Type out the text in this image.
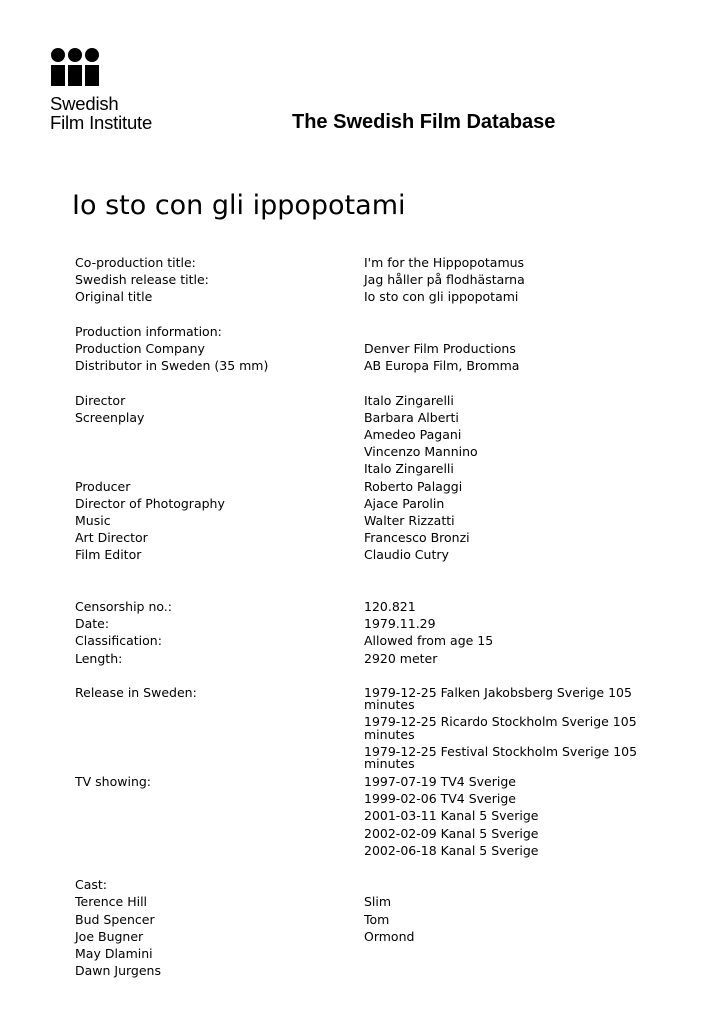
Swedish
Film Institute	The Swedish Film Database
Io sto con gli ippopotami
Co-production title:	I'm for the Hippopotamus
Swedish release title:	Jag håller på flodhästarna
Original title	Io sto con gli ippopotami
Production information:
Production Company	Denver Film Productions
Distributor in Sweden (35 mm)	AB Europa Film, Bromma
Director	Italo Zingarelli
Screenplay	Barbara Alberti
Amedeo Pagani
Vincenzo Mannino
Italo Zingarelli
Producer	Roberto Palaggi
Director of Photography	Ajace Parolin
Music	Walter Rizzatti
Art Director	Francesco Bronzi
Film Editor	Claudio Cutry
Censorship no.:	120.821
Date:	1979.11.29
Classification:	Allowed from age 15
Length:	2920 meter
Release in Sweden:	1979-12-25 Falken Jakobsberg Sverige 105 minutes
1979-12-25 Ricardo Stockholm Sverige 105 minutes
1979-12-25 Festival Stockholm Sverige 105 minutes
TV showing:	1997-07-19 TV4 Sverige
1999-02-06 TV4 Sverige
2001-03-11 Kanal 5 Sverige
2002-02-09 Kanal 5 Sverige
2002-06-18 Kanal 5 Sverige
Cast:
Terence Hill	Slim
Bud Spencer	Tom
Joe Bugner	Ormond
May Dlamini
Dawn Jurgens
